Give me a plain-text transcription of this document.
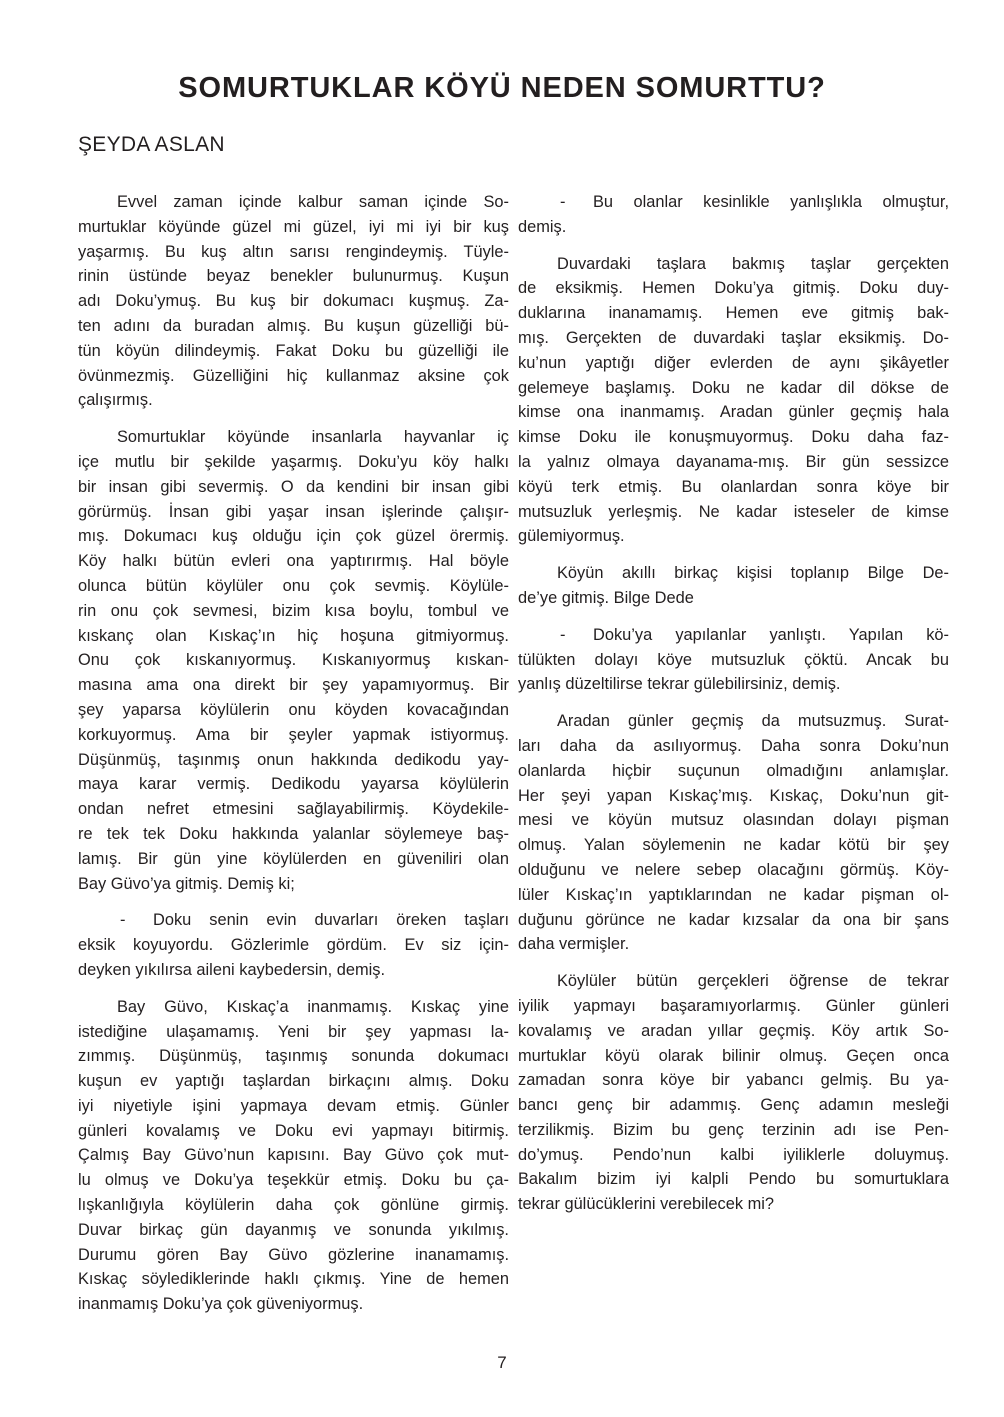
SOMURTUKLAR KÖYÜ NEDEN SOMURTTU?
ŞEYDA ASLAN
Evvel zaman içinde kalbur saman içinde So-
murtuklar köyünde güzel mi güzel, iyi mi iyi bir kuş
yaşarmış. Bu kuş altın sarısı rengindeymiş. Tüyle-
rinin üstünde beyaz benekler bulunurmuş. Kuşun
adı Doku’ymuş. Bu kuş bir dokumacı kuşmuş. Za-
ten adını da buradan almış. Bu kuşun güzelliği bü-
tün köyün dilindeymiş. Fakat Doku bu güzelliği ile
övünmezmiş. Güzelliğini hiç kullanmaz aksine çok
çalışırmış.
Somurtuklar köyünde insanlarla hayvanlar iç
içe mutlu bir şekilde yaşarmış. Doku’yu köy halkı
bir insan gibi severmiş. O da kendini bir insan gibi
görürmüş. İnsan gibi yaşar insan işlerinde çalışır-
mış. Dokumacı kuş olduğu için çok güzel örermiş.
Köy halkı bütün evleri ona yaptırırmış. Hal böyle
olunca bütün köylüler onu çok sevmiş. Köylüle-
rin onu çok sevmesi, bizim kısa boylu, tombul ve
kıskanç olan Kıskaç’ın hiç hoşuna gitmiyormuş.
Onu çok kıskanıyormuş. Kıskanıyormuş kıskan-
masına ama ona direkt bir şey yapamıyormuş. Bir
şey yaparsa köylülerin onu köyden kovacağından
korkuyormuş. Ama bir şeyler yapmak istiyormuş.
Düşünmüş, taşınmış onun hakkında dedikodu yay-
maya karar vermiş. Dedikodu yayarsa köylülerin
ondan nefret etmesini sağlayabilirmiş. Köydekile-
re tek tek Doku hakkında yalanlar söylemeye baş-
lamış. Bir gün yine köylülerden en güveniliri olan
Bay Güvo’ya gitmiş. Demiş ki;
- Doku senin evin duvarları öreken taşları
eksik koyuyordu. Gözlerimle gördüm. Ev siz için-
deyken yıkılırsa aileni kaybedersin, demiş.
Bay Güvo, Kıskaç’a inanmamış. Kıskaç yine
istediğine ulaşamamış. Yeni bir şey yapması la-
zımmış. Düşünmüş, taşınmış sonunda dokumacı
kuşun ev yaptığı taşlardan birkaçını almış. Doku
iyi niyetiyle işini yapmaya devam etmiş. Günler
günleri kovalamış ve Doku evi yapmayı bitirmiş.
Çalmış Bay Güvo’nun kapısını. Bay Güvo çok mut-
lu olmuş ve Doku’ya teşekkür etmiş. Doku bu ça-
lışkanlığıyla köylülerin daha çok gönlüne girmiş.
Duvar birkaç gün dayanmış ve sonunda yıkılmış.
Durumu gören Bay Güvo gözlerine inanamamış.
Kıskaç söylediklerinde haklı çıkmış. Yine de hemen
inanmamış Doku’ya çok güveniyormuş.
- Bu olanlar kesinlikle yanlışlıkla olmuştur,
demiş.
Duvardaki taşlara bakmış taşlar gerçekten
de eksikmiş. Hemen Doku’ya gitmiş. Doku duy-
duklarına inanamamış. Hemen eve gitmiş bak-
mış. Gerçekten de duvardaki taşlar eksikmiş. Do-
ku’nun yaptığı diğer evlerden de aynı şikâyetler
gelemeye başlamış. Doku ne kadar dil dökse de
kimse ona inanmamış. Aradan günler geçmiş hala
kimse Doku ile konuşmuyormuş. Doku daha faz-
la yalnız olmaya dayanama-mış. Bir gün sessizce
köyü terk etmiş. Bu olanlardan sonra köye bir
mutsuzluk yerleşmiş. Ne kadar isteseler de kimse
gülemiyormuş.
Köyün akıllı birkaç kişisi toplanıp Bilge De-
de’ye gitmiş. Bilge Dede
- Doku’ya yapılanlar yanlıştı. Yapılan kö-
tülükten dolayı köye mutsuzluk çöktü. Ancak bu
yanlış düzeltilirse tekrar gülebilirsiniz, demiş.
Aradan günler geçmiş da mutsuzmuş. Surat-
ları daha da asılıyormuş. Daha sonra Doku’nun
olanlarda hiçbir suçunun olmadığını anlamışlar.
Her şeyi yapan Kıskaç’mış. Kıskaç, Doku’nun git-
mesi ve köyün mutsuz olasından dolayı pişman
olmuş. Yalan söylemenin ne kadar kötü bir şey
olduğunu ve nelere sebep olacağını görmüş. Köy-
lüler Kıskaç’ın yaptıklarından ne kadar pişman ol-
duğunu görünce ne kadar kızsalar da ona bir şans
daha vermişler.
Köylüler bütün gerçekleri öğrense de tekrar
iyilik yapmayı başaramıyorlarmış. Günler günleri
kovalamış ve aradan yıllar geçmiş. Köy artık So-
murtuklar köyü olarak bilinir olmuş. Geçen onca
zamadan sonra köye bir yabancı gelmiş. Bu ya-
bancı genç bir adammış. Genç adamın mesleği
terzilikmiş. Bizim bu genç terzinin adı ise Pen-
do’ymuş. Pendo’nun kalbi iyiliklerle doluymuş.
Bakalım bizim iyi kalpli Pendo bu somurtuklara
tekrar gülücüklerini verebilecek mi?
7
